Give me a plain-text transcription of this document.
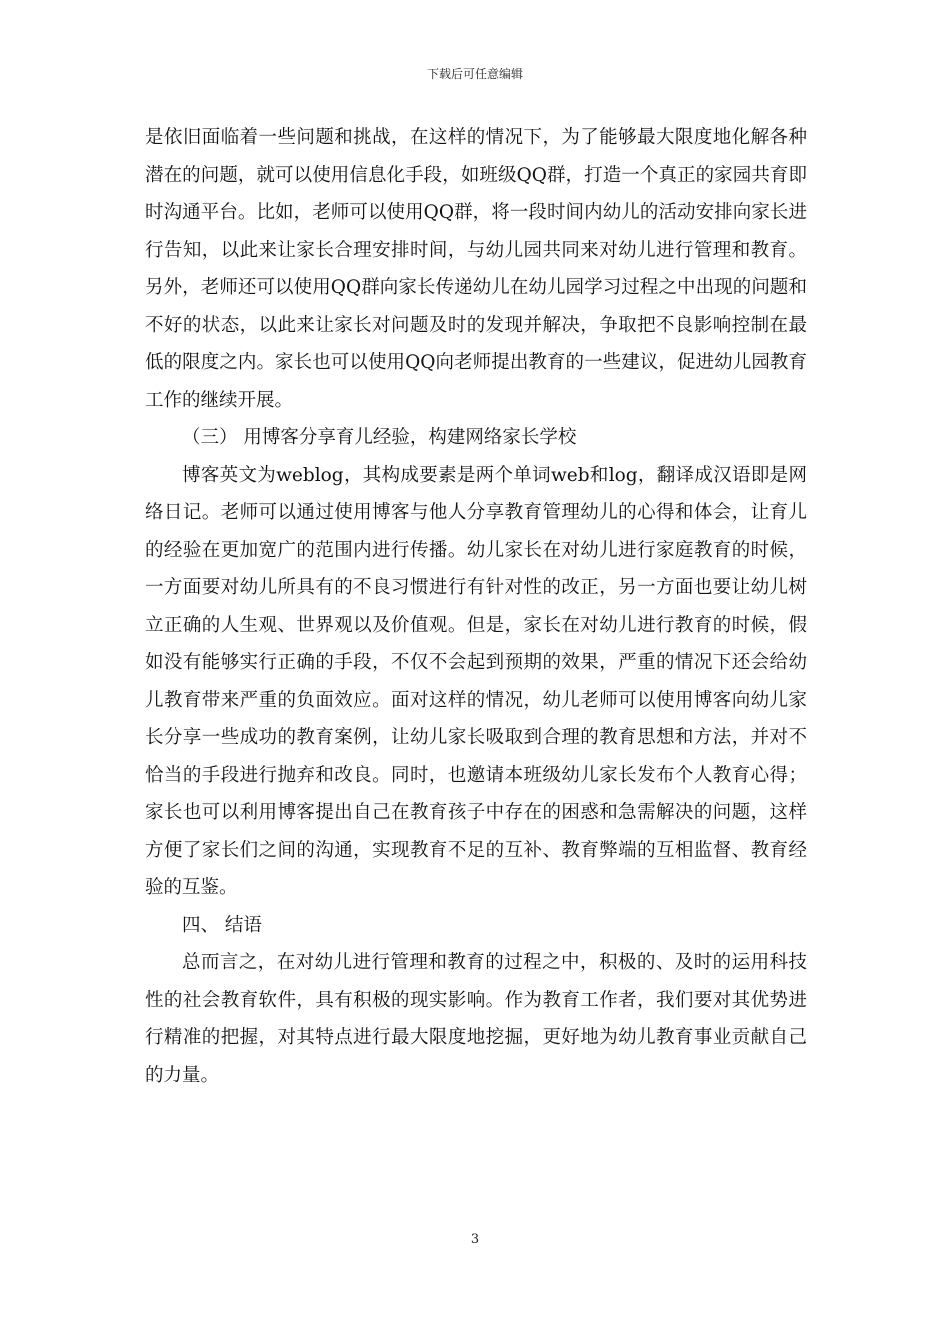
下载后可任意编辑

是依旧面临着一些问题和挑战，在这样的情况下，为了能够最大限度地化解各种潜在的问题，就可以使用信息化手段，如班级QQ群，打造一个真正的家园共育即时沟通平台。比如，老师可以使用QQ群，将一段时间内幼儿的活动安排向家长进行告知，以此来让家长合理安排时间，与幼儿园共同来对幼儿进行管理和教育。另外，老师还可以使用QQ群向家长传递幼儿在幼儿园学习过程之中出现的问题和不好的状态，以此来让家长对问题及时的发现并解决，争取把不良影响控制在最低的限度之内。家长也可以使用QQ向老师提出教育的一些建议，促进幼儿园教育工作的继续开展。

（三） 用博客分享育儿经验，构建网络家长学校

博客英文为weblog，其构成要素是两个单词web和log，翻译成汉语即是网络日记。老师可以通过使用博客与他人分享教育管理幼儿的心得和体会，让育儿的经验在更加宽广的范围内进行传播。幼儿家长在对幼儿进行家庭教育的时候，一方面要对幼儿所具有的不良习惯进行有针对性的改正，另一方面也要让幼儿树立正确的人生观、世界观以及价值观。但是，家长在对幼儿进行教育的时候，假如没有能够实行正确的手段，不仅不会起到预期的效果，严重的情况下还会给幼儿教育带来严重的负面效应。面对这样的情况，幼儿老师可以使用博客向幼儿家长分享一些成功的教育案例，让幼儿家长吸取到合理的教育思想和方法，并对不恰当的手段进行抛弃和改良。同时，也邀请本班级幼儿家长发布个人教育心得；家长也可以利用博客提出自己在教育孩子中存在的困惑和急需解决的问题，这样方便了家长们之间的沟通，实现教育不足的互补、教育弊端的互相监督、教育经验的互鉴。

四、 结语

总而言之，在对幼儿进行管理和教育的过程之中，积极的、及时的运用科技性的社会教育软件，具有积极的现实影响。作为教育工作者，我们要对其优势进行精准的把握，对其特点进行最大限度地挖掘，更好地为幼儿教育事业贡献自己的力量。

3
